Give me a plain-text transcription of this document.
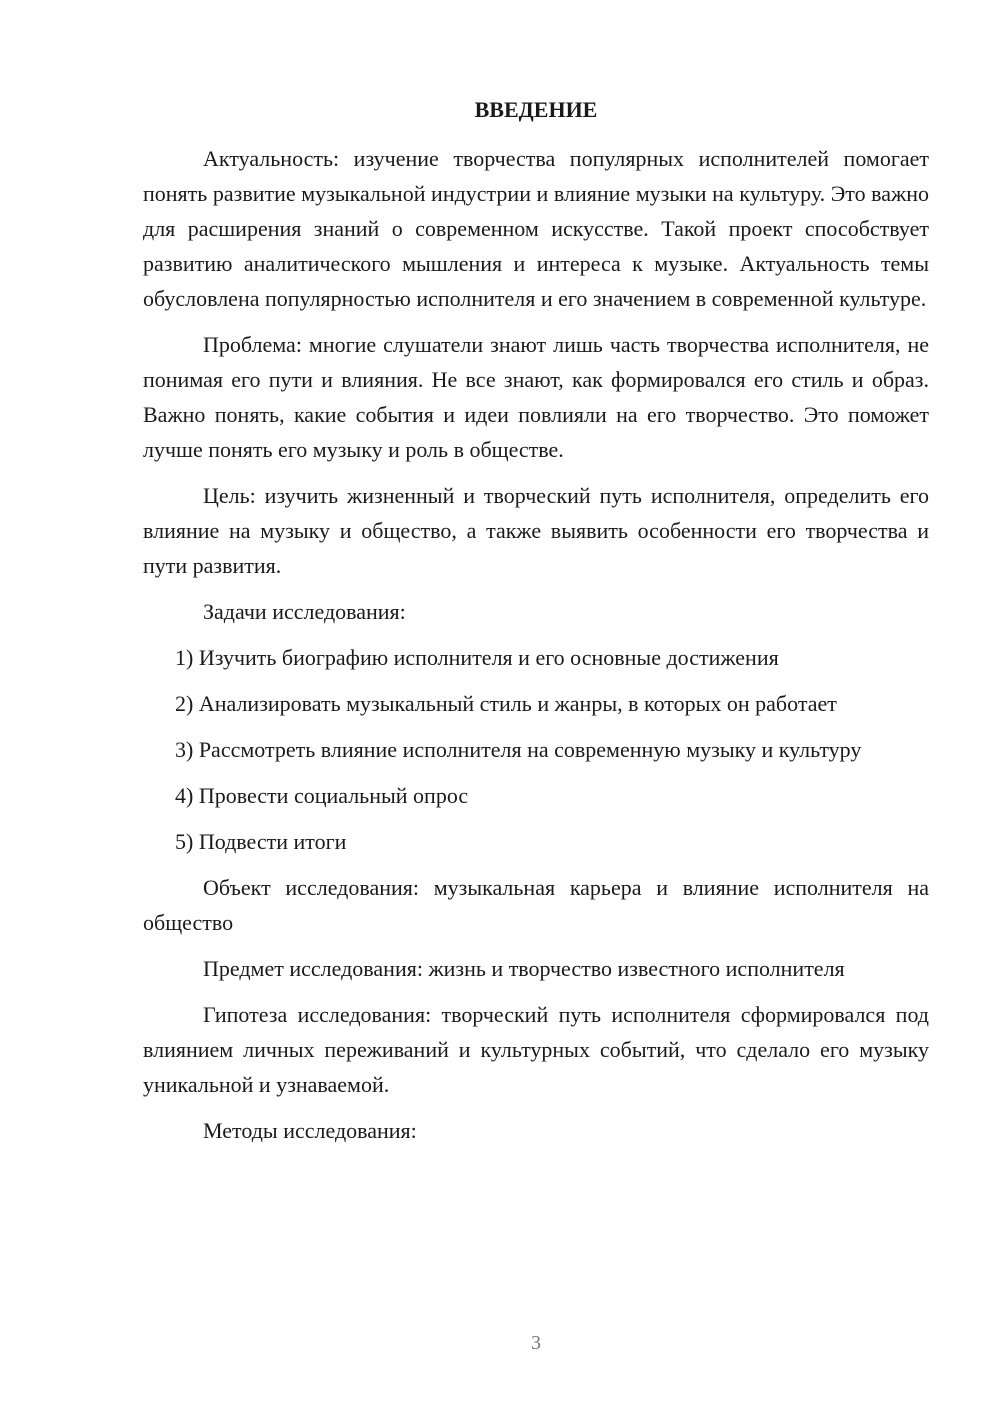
ВВЕДЕНИЕ

Актуальность: изучение творчества популярных исполнителей помогает понять развитие музыкальной индустрии и влияние музыки на культуру. Это важно для расширения знаний о современном искусстве. Такой проект способствует развитию аналитического мышления и интереса к музыке. Актуальность темы обусловлена популярностью исполнителя и его значением в современной культуре.

Проблема: многие слушатели знают лишь часть творчества исполнителя, не понимая его пути и влияния. Не все знают, как формировался его стиль и образ. Важно понять, какие события и идеи повлияли на его творчество. Это поможет лучше понять его музыку и роль в обществе.

Цель: изучить жизненный и творческий путь исполнителя, определить его влияние на музыку и общество, а также выявить особенности его творчества и пути развития.

Задачи исследования:

1) Изучить биографию исполнителя и его основные достижения

2) Анализировать музыкальный стиль и жанры, в которых он работает

3) Рассмотреть влияние исполнителя на современную музыку и культуру

4) Провести социальный опрос

5) Подвести итоги

Объект исследования: музыкальная карьера и влияние исполнителя на общество

Предмет исследования: жизнь и творчество известного исполнителя

Гипотеза исследования: творческий путь исполнителя сформировался под влиянием личных переживаний и культурных событий, что сделало его музыку уникальной и узнаваемой.

Методы исследования:

3
